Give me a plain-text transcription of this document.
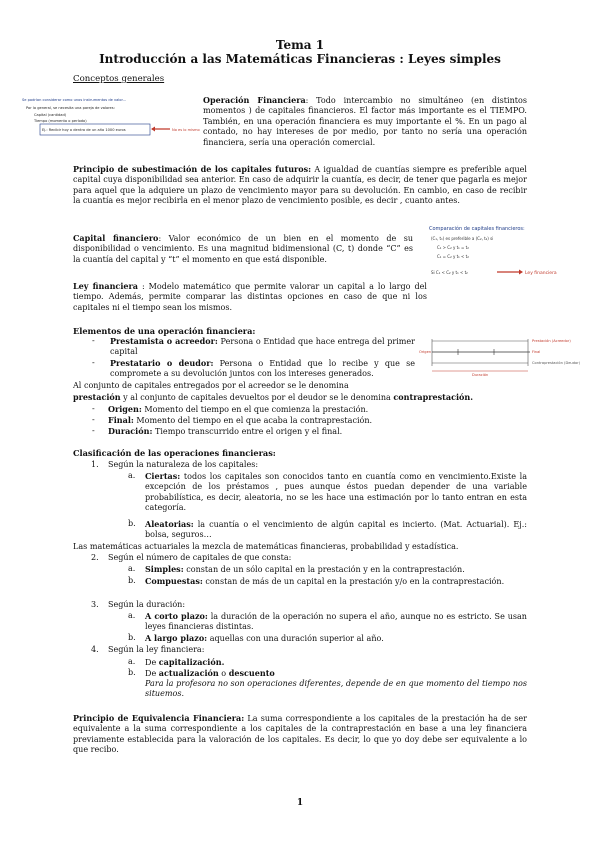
Tema 1
Introducción a las Matemáticas Financieras : Leyes simples
Conceptos generales
Se podrían considerar como unos instrumentos de valor...
Por lo general, se necesita una pareja de valores:
Capital (cantidad)
Tiempo (momento o período)
Ej.: Recibir hoy o dentro de un año 1000 euros	No es lo mismo

Operación Financiera: Todo intercambio no simultáneo (en distintos momentos ) de capitales financieros. El factor más importante es el TIEMPO. También, en una operación financiera es muy importante el %. En un pago al contado, no hay intereses de por medio, por tanto no sería una operación financiera, sería una operación comercial.

Principio de subestimación de los capitales futuros: A igualdad de cuantías siempre es preferible aquel capital cuya disponibilidad sea anterior. En caso de adquirir la cuantía, es decir, de tener que pagarla es mejor para aquel que la adquiere un plazo de vencimiento mayor para su devolución. En cambio, en caso de recibir la cuantía es mejor recibirla en el menor plazo de vencimiento posible, es decir , cuanto antes.

Comparación de capitales financieros:
(C₁, t₁) es preferible a (C₂, t₂) si
C₁ > C₂ y t₁ = t₂
C₁ = C₂ y t₁ < t₂
Si C₁ < C₂ y t₁ < t₂	Ley financiera

Capital financiero: Valor económico de un bien en el momento de su disponibilidad o vencimiento. Es una magnitud bidimensional (C, t) donde “C” es la cuantía del capital y “t” el momento en que está disponible.

Ley financiera : Modelo matemático que permite valorar un capital a lo largo del tiempo. Además, permite comparar las distintas opciones en caso de que ni los capitales ni el tiempo sean los mismos.

Prestación (Acreedor)
Final
Contraprestación (Deudor)
Origen
Duración
Elementos de una operación financiera:
- Prestamista o acreedor: Persona o Entidad que hace entrega del primer capital
- Prestatario o deudor: Persona o Entidad que lo recibe y que se compromete a su devolución juntos con los intereses generados.

Al conjunto de capitales entregados por el acreedor se le denomina

prestación y al conjunto de capitales devueltos por el deudor se le denomina contraprestación.

- Origen: Momento del tiempo en el que comienza la prestación.
- Final: Momento del tiempo en el que acaba la contraprestación.
- Duración: Tiempo transcurrido entre el origen y el final.
Clasificación de las operaciones financieras:
1. Según la naturaleza de los capitales:
a. Ciertas: todos los capitales son conocidos tanto en cuantía como en vencimiento.Existe la excepción de los préstamos , pues aunque éstos puedan depender de una variable probabilística, es decir, aleatoria, no se les hace una estimación por lo tanto entran en esta categoría.
b. Aleatorias: la cuantía o el vencimiento de algún capital es incierto. (Mat. Actuarial). Ej.: bolsa, seguros…

Las matemáticas actuariales la mezcla de matemáticas financieras, probabilidad y estadística.

2. Según el número de capitales de que consta:
a. Simples: constan de un sólo capital en la prestación y en la contraprestación.
b. Compuestas: constan de más de un capital en la prestación y/o en la contraprestación.
3. Según la duración:
a. A corto plazo: la duración de la operación no supera el año, aunque no es estricto. Se usan leyes financieras distintas.
b. A largo plazo: aquellas con una duración superior al año.
4. Según la ley financiera:
a. De capitalización.
b. De actualización o descuento
Para la profesora no son operaciones diferentes, depende de en que momento del tiempo nos situemos.

Principio de Equivalencia Financiera: La suma correspondiente a los capitales de la prestación ha de ser equivalente a la suma correspondiente a los capitales de la contraprestación en base a una ley financiera previamente establecida para la valoración de los capitales. Es decir, lo que yo doy debe ser equivalente a lo que recibo.

1
